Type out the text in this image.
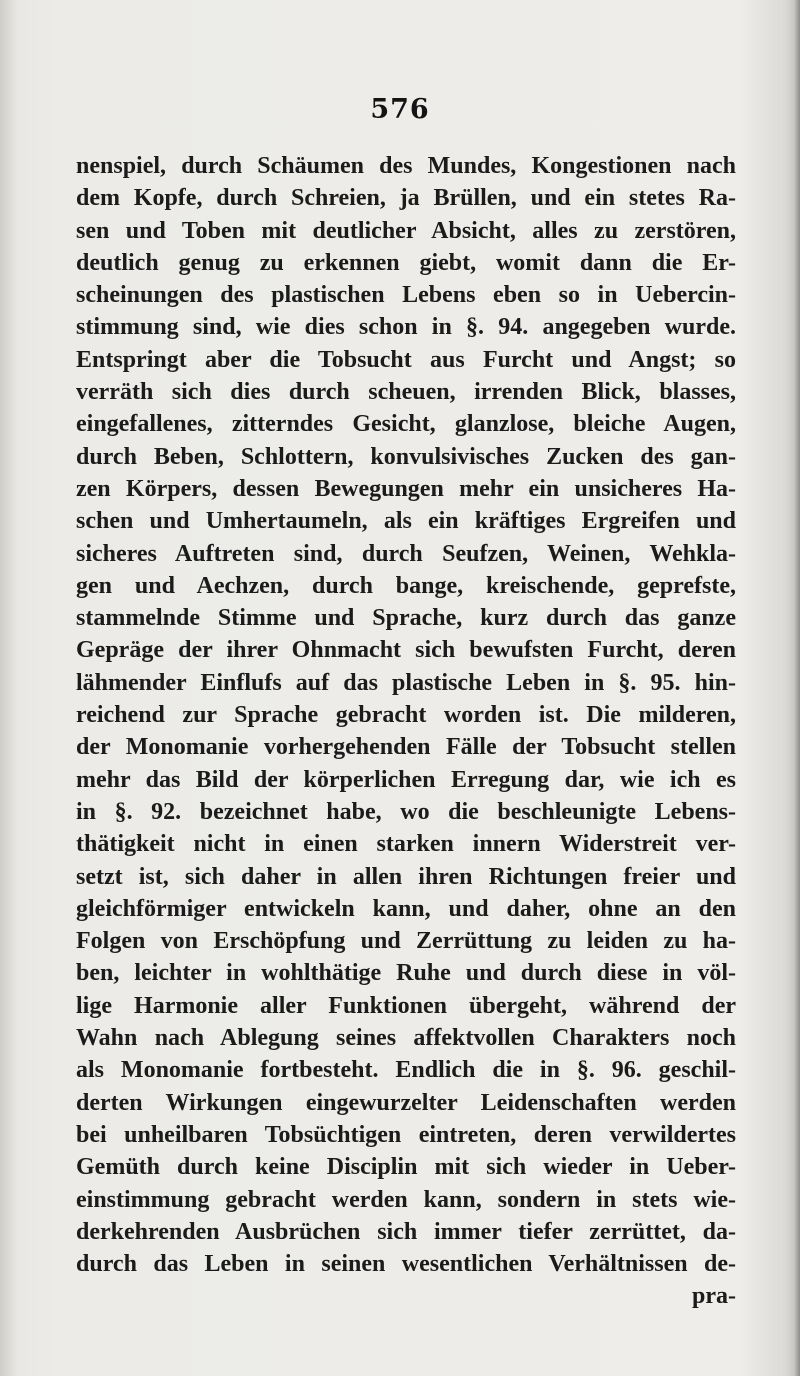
576
nenspiel, durch Schäumen des Mundes, Kongestionen nach
dem Kopfe, durch Schreien, ja Brüllen, und ein stetes Ra-
sen und Toben mit deutlicher Absicht, alles zu zerstören,
deutlich genug zu erkennen giebt, womit dann die Er-
scheinungen des plastischen Lebens eben so in Uebercin-
stimmung sind, wie dies schon in §. 94. angegeben wurde.
Entspringt aber die Tobsucht aus Furcht und Angst; so
verräth sich dies durch scheuen, irrenden Blick, blasses,
eingefallenes, zitterndes Gesicht, glanzlose, bleiche Augen,
durch Beben, Schlottern, konvulsivisches Zucken des gan-
zen Körpers, dessen Bewegungen mehr ein unsicheres Ha-
schen und Umhertaumeln, als ein kräftiges Ergreifen und
sicheres Auftreten sind, durch Seufzen, Weinen, Wehkla-
gen und Aechzen, durch bange, kreischende, geprefste,
stammelnde Stimme und Sprache, kurz durch das ganze
Gepräge der ihrer Ohnmacht sich bewufsten Furcht, deren
lähmender Einflufs auf das plastische Leben in §. 95. hin-
reichend zur Sprache gebracht worden ist. Die milderen,
der Monomanie vorhergehenden Fälle der Tobsucht stellen
mehr das Bild der körperlichen Erregung dar, wie ich es
in §. 92. bezeichnet habe, wo die beschleunigte Lebens-
thätigkeit nicht in einen starken innern Widerstreit ver-
setzt ist, sich daher in allen ihren Richtungen freier und
gleichförmiger entwickeln kann, und daher, ohne an den
Folgen von Erschöpfung und Zerrüttung zu leiden zu ha-
ben, leichter in wohlthätige Ruhe und durch diese in völ-
lige Harmonie aller Funktionen übergeht, während der
Wahn nach Ablegung seines affektvollen Charakters noch
als Monomanie fortbesteht. Endlich die in §. 96. geschil-
derten Wirkungen eingewurzelter Leidenschaften werden
bei unheilbaren Tobsüchtigen eintreten, deren verwildertes
Gemüth durch keine Disciplin mit sich wieder in Ueber-
einstimmung gebracht werden kann, sondern in stets wie-
derkehrenden Ausbrüchen sich immer tiefer zerrüttet, da-
durch das Leben in seinen wesentlichen Verhältnissen de-
pra-
